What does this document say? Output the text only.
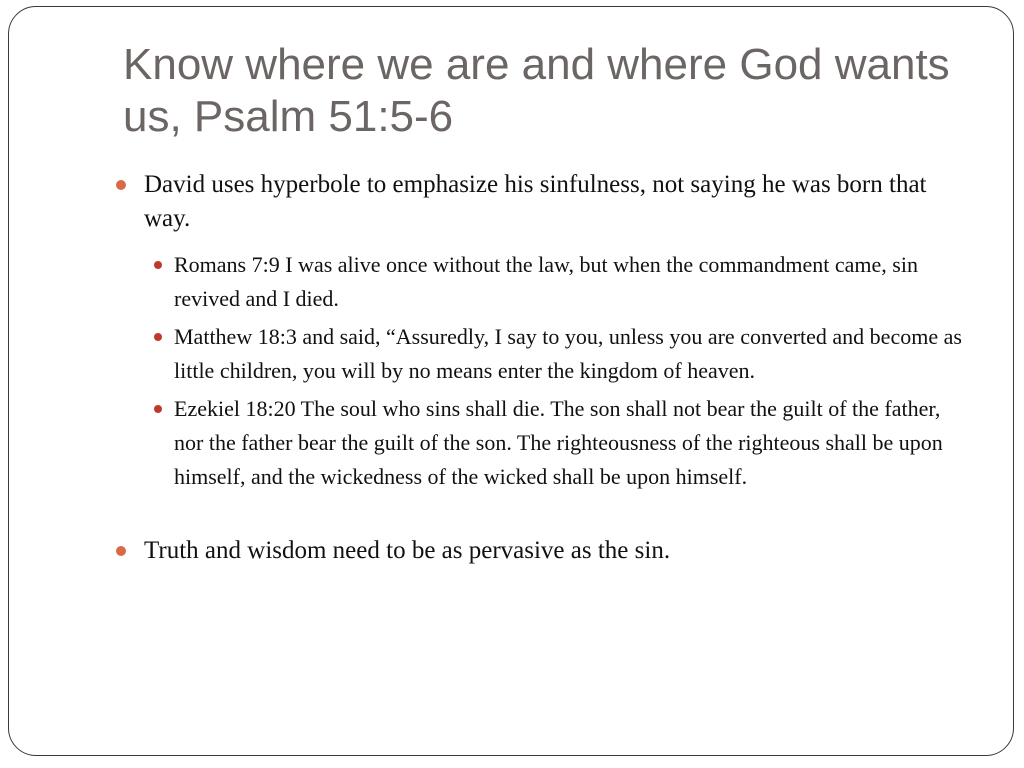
Know where we are and where God wants us, Psalm 51:5-6
David uses hyperbole to emphasize his sinfulness, not saying he was born that way.
Romans 7:9 I was alive once without the law, but when the commandment came, sin revived and I died.
Matthew 18:3 and said, “Assuredly, I say to you, unless you are converted and become as little children, you will by no means enter the kingdom of heaven.
Ezekiel 18:20 The soul who sins shall die. The son shall not bear the guilt of the father, nor the father bear the guilt of the son. The righteousness of the righteous shall be upon himself, and the wickedness of the wicked shall be upon himself.
Truth and wisdom need to be as pervasive as the sin.
